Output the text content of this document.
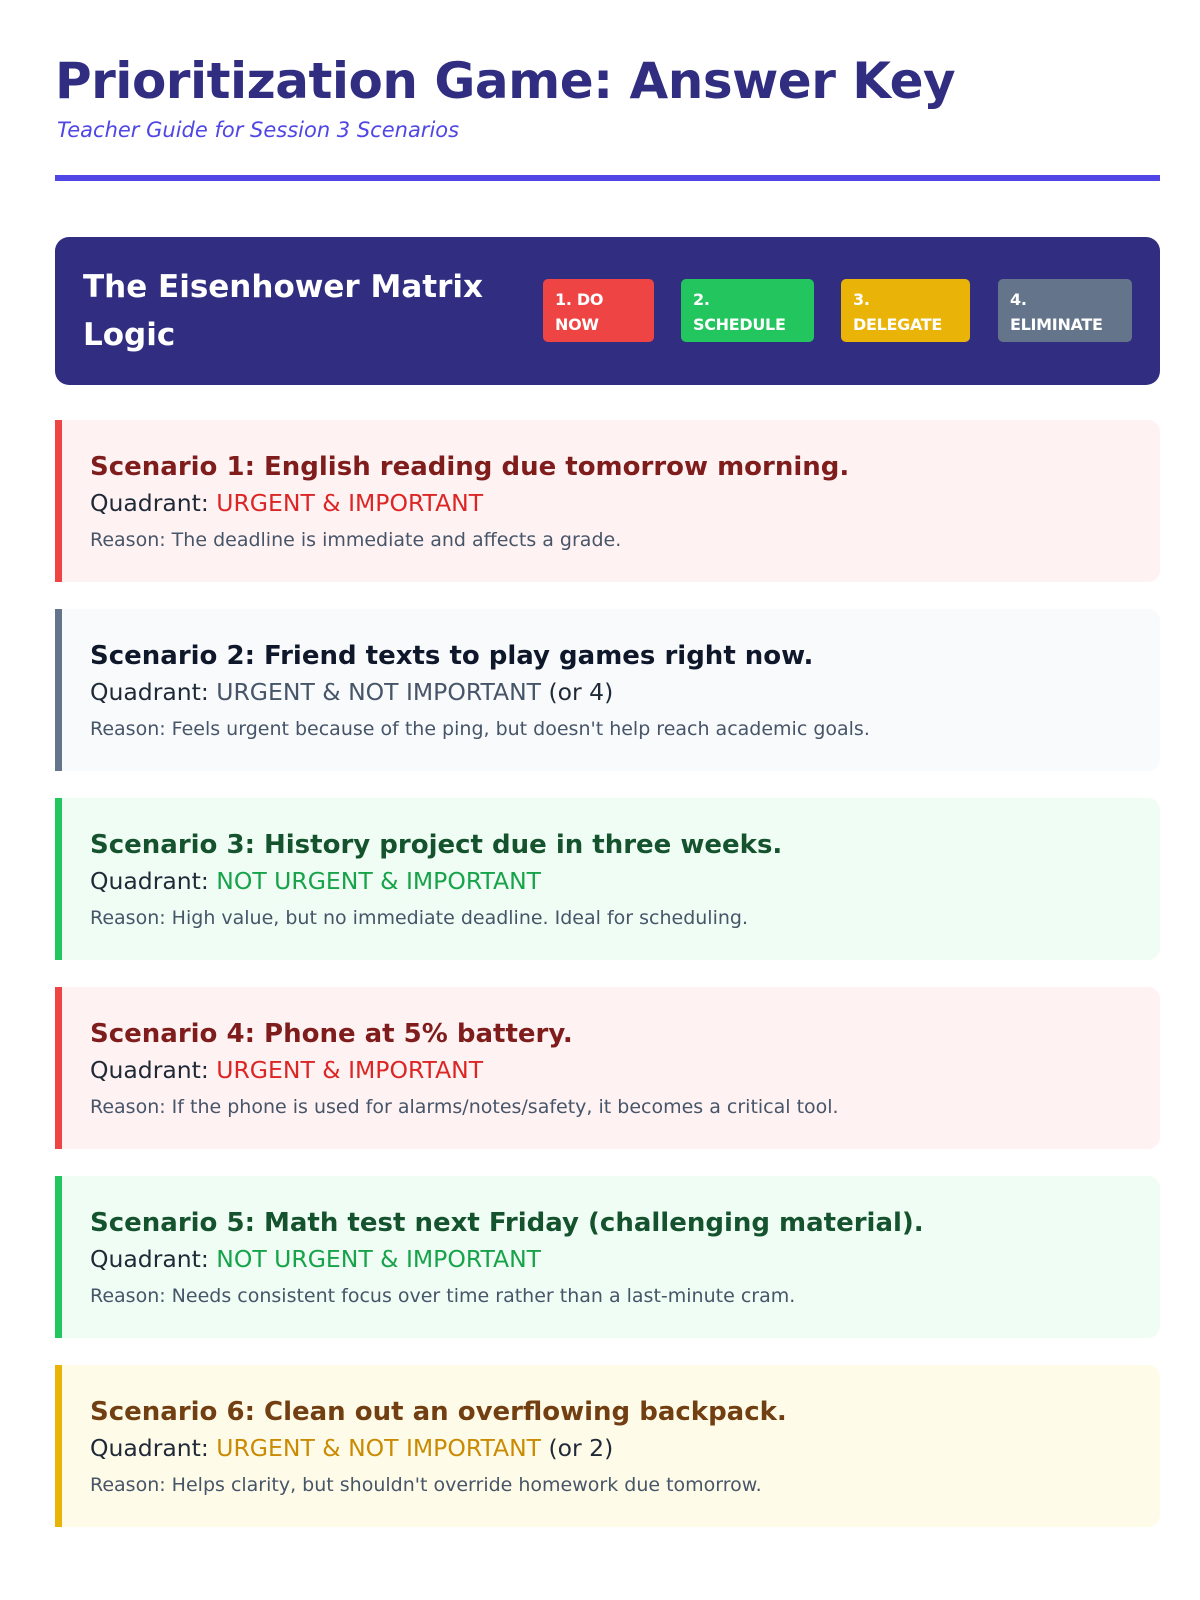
Prioritization Game: Answer Key
Teacher Guide for Session 3 Scenarios
The Eisenhower Matrix Logic
1. DO
NOW
2.
SCHEDULE
3.
DELEGATE
4.
ELIMINATE
Scenario 1: English reading due tomorrow morning.
Quadrant: URGENT & IMPORTANT
Reason: The deadline is immediate and affects a grade.
Scenario 2: Friend texts to play games right now.
Quadrant: URGENT & NOT IMPORTANT (or 4)
Reason: Feels urgent because of the ping, but doesn't help reach academic goals.
Scenario 3: History project due in three weeks.
Quadrant: NOT URGENT & IMPORTANT
Reason: High value, but no immediate deadline. Ideal for scheduling.
Scenario 4: Phone at 5% battery.
Quadrant: URGENT & IMPORTANT
Reason: If the phone is used for alarms/notes/safety, it becomes a critical tool.
Scenario 5: Math test next Friday (challenging material).
Quadrant: NOT URGENT & IMPORTANT
Reason: Needs consistent focus over time rather than a last-minute cram.
Scenario 6: Clean out an overflowing backpack.
Quadrant: URGENT & NOT IMPORTANT (or 2)
Reason: Helps clarity, but shouldn't override homework due tomorrow.
